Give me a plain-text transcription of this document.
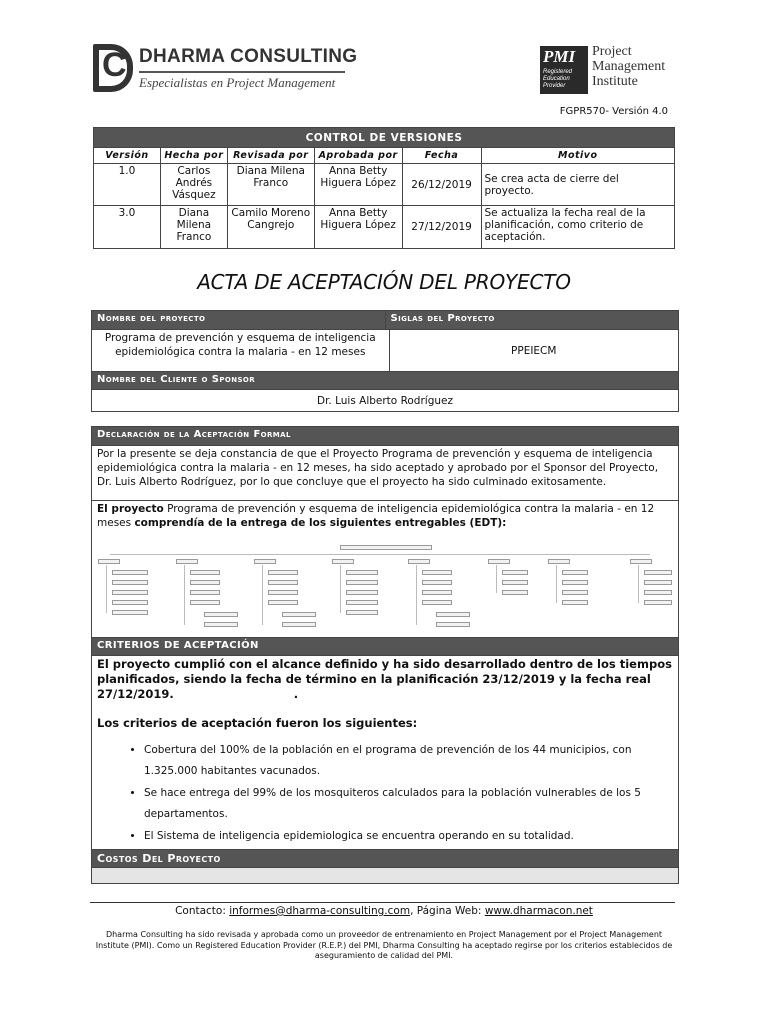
C
DHARMA CONSULTING
Especialistas en Project Management
PMI
Registered Education Provider
Project
Management
Institute
FGPR570- Versión 4.0
CONTROL DE VERSIONES					
Versión	Hecha por	Revisada por	Aprobada por	Fecha	Motivo
1.0	Carlos Andrés Vásquez	Diana Milena Franco	Anna Betty Higuera López	26/12/2019	Se crea acta de cierre del proyecto.
3.0	Diana Milena Franco	Camilo Moreno Cangrejo	Anna Betty Higuera López	27/12/2019	Se actualiza la fecha real de la planificación, como criterio de aceptación.
ACTA DE ACEPTACIÓN DEL PROYECTO
Nombre del proyecto	Siglas del Proyecto
Programa de prevención y esquema de inteligencia epidemiológica contra la malaria - en 12 meses	PPEIECM
Nombre del Cliente o Sponsor
Dr. Luis Alberto Rodríguez
Declaración de la Aceptación Formal
Por la presente se deja constancia de que el Proyecto Programa de prevención y esquema de inteligencia epidemiológica contra la malaria - en 12 meses, ha sido aceptado y aprobado por el Sponsor del Proyecto, Dr. Luis Alberto Rodríguez, por lo que concluye que el proyecto ha sido culminado exitosamente.
El proyecto Programa de prevención y esquema de inteligencia epidemiológica contra la malaria - en 12 meses comprendía de la entrega de los siguientes entregables (EDT):
CRITERIOS DE ACEPTACIÓN
El proyecto cumplió con el alcance definido y ha sido desarrollado dentro de los tiempos planificados, siendo la fecha de término en la planificación 23/12/2019 y la fecha real 27/12/2019.	.
Los criterios de aceptación fueron los siguientes:
• Cobertura del 100% de la población en el programa de prevención de los 44 municipios, con 1.325.000 habitantes vacunados.
• Se hace entrega del 99% de los mosquiteros calculados para la población vulnerables de los 5 departamentos.
• El Sistema de inteligencia epidemiologica se encuentra operando en su totalidad.
Costos Del Proyecto
Contacto: informes@dharma-consulting.com, Página Web: www.dharmacon.net
Dharma Consulting ha sido revisada y aprobada como un proveedor de entrenamiento en Project Management por el Project Management Institute (PMI). Como un Registered Education Provider (R.E.P.) del PMI, Dharma Consulting ha aceptado regirse por los criterios establecidos de aseguramiento de calidad del PMI.
